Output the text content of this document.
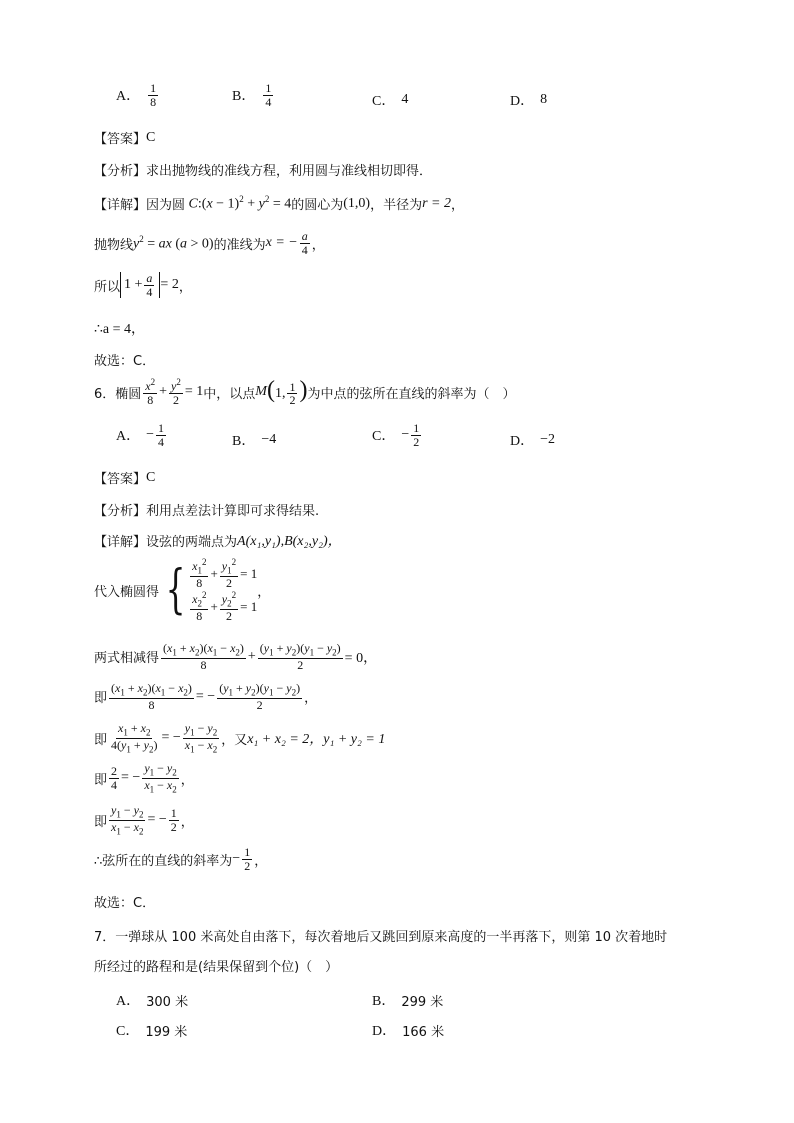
A． $\frac{1}{8}$	B． $\frac{1}{4}$	C． 4	D． 8
【答案】 C
【分析】 求出抛物线的准线方程，利用圆与准线相切即得．
【详解】 因为圆 C:(x − $1)^2 + y^2 = 4$ 的圆心为 (1,0) ，半径为 r = 2 ，
抛物线 $y^2$ = ax (a > 0) 的准线为 x = − $\frac{a}{4}$ ，
所以 $1 + \frac{a}{4} = 2$ ，
∴a = 4，
故选：C．
6． 椭圆 $\frac{x^2}{8} + \frac{y^2}{2} = 1$ 中，以点 M (1, $\frac{1}{2}$ ) 为中点的弦所在直线的斜率为（　）
A． − $\frac{1}{4}$	B． −4	C． − $\frac{1}{2}$	D． −2
【答案】 C
【分析】 利用点差法计算即可求得结果.
【详解】 设弦的两端点为 A(x₁,y₁),B(x₂,y₂)，
代入椭圆得 { $\frac{x_1^2}{8} + \frac{y_1^2}{2} = 1$
$\frac{x_2^2}{8} + \frac{y_2^2}{2} = 1$
，
两式相减得 $\frac{(x_1 + x_2)(x_1 - x_2)}{8} + \frac{(y_1 + y_2)(y_1 - y_2)}{2} = 0$，
即 $\frac{(x_1 + x_2)(x_1 - x_2)}{8}$ = − $\frac{(y_1 + y_2)(y_1 - y_2)}{2}$ ，
即 $\frac{x_1 + x_2}{4(y_1 + y_2)}$ = − $\frac{y_1 - y_2}{x_1 - x_2}$ ，又 x₁ + x₂ = 2，y₁ + y₂ = 1
即 $\frac{2}{4}$ = − $\frac{y_1 - y_2}{x_1 - x_2}$ ，
即 $\frac{y_1 - y_2}{x_1 - x_2}$ = − $\frac{1}{2}$ ，
∴弦所在的直线的斜率为 − $\frac{1}{2}$ ，
故选：C．
7．一弹球从 100 米高处自由落下，每次着地后又跳回到原来高度的一半再落下，则第 10 次着地时
所经过的路程和是(结果保留到个位)（　）
A． 300 米	B． 299 米
C． 199 米	D． 166 米
